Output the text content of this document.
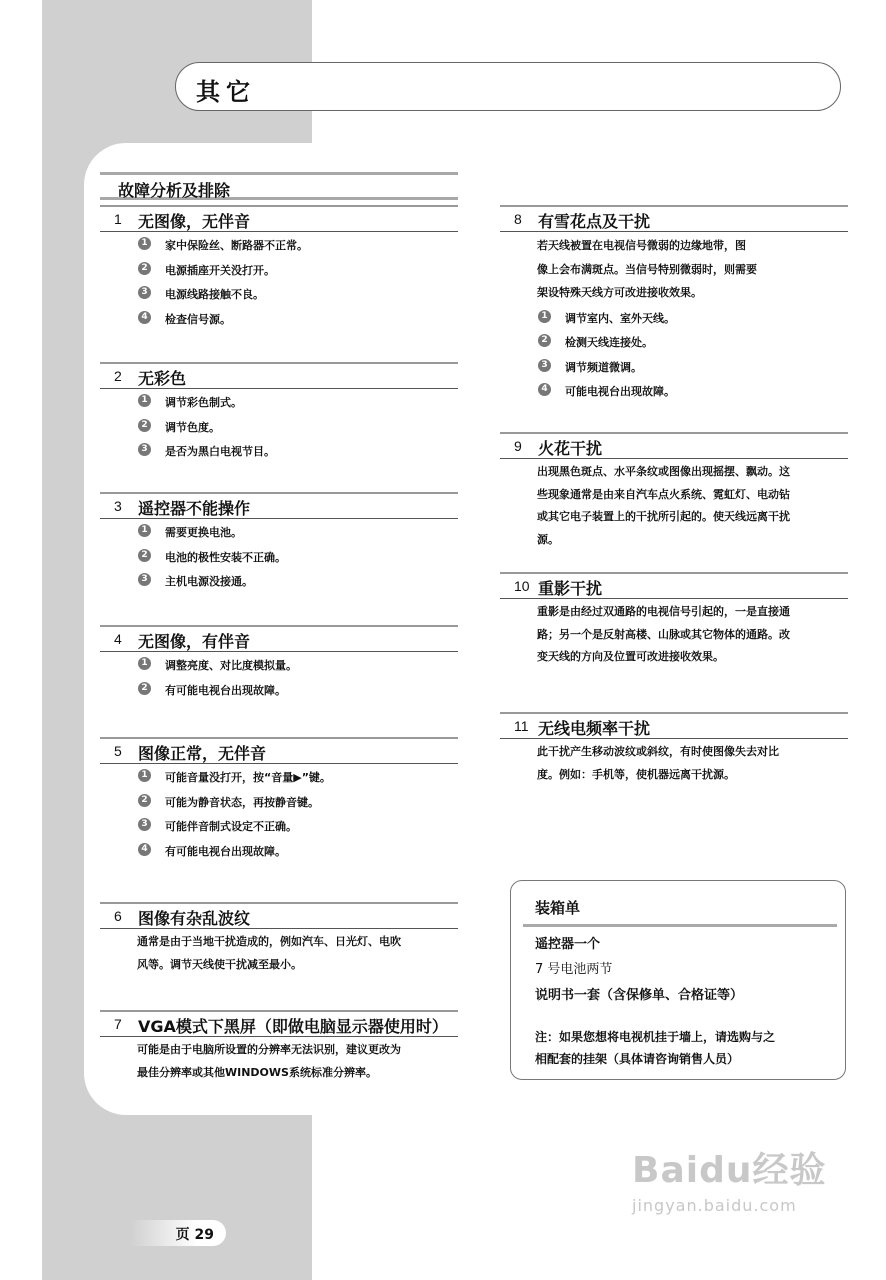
其它
故障分析及排除
1 无图像，无伴音
1	家中保险丝、断路器不正常。
2	电源插座开关没打开。
3	电源线路接触不良。
4	检查信号源。
2 无彩色
1	调节彩色制式。
2	调节色度。
3	是否为黑白电视节目。
3 遥控器不能操作
1	需要更换电池。
2	电池的极性安装不正确。
3	主机电源没接通。
4 无图像，有伴音
1	调整亮度、对比度模拟量。
2	有可能电视台出现故障。
5 图像正常，无伴音
1	可能音量没打开，按“音量▶”键。
2	可能为静音状态，再按静音键。
3	可能伴音制式设定不正确。
4	有可能电视台出现故障。
6 图像有杂乱波纹
通常是由于当地干扰造成的，例如汽车、日光灯、电吹
风等。调节天线使干扰减至最小。
7 VGA模式下黑屏（即做电脑显示器使用时）
可能是由于电脑所设置的分辨率无法识别，建议更改为
最佳分辨率或其他WINDOWS系统标准分辨率。
8 有雪花点及干扰
若天线被置在电视信号微弱的边缘地带，图
像上会布满斑点。当信号特别微弱时，则需要
架设特殊天线方可改进接收效果。
1	调节室内、室外天线。
2	检测天线连接处。
3	调节频道微调。
4	可能电视台出现故障。
9 火花干扰
出现黑色斑点、水平条纹或图像出现摇摆、飘动。这
些现象通常是由来自汽车点火系统、霓虹灯、电动钻
或其它电子装置上的干扰所引起的。使天线远离干扰
源。
10 重影干扰
重影是由经过双通路的电视信号引起的，一是直接通
路；另一个是反射高楼、山脉或其它物体的通路。改
变天线的方向及位置可改进接收效果。
11 无线电频率干扰
此干扰产生移动波纹或斜纹，有时使图像失去对比
度。例如：手机等，使机器远离干扰源。
装箱单
遥控器一个
7 号电池两节
说明书一套（含保修单、合格证等）
注：如果您想将电视机挂于墙上，请选购与之
相配套的挂架（具体请咨询销售人员）
页 29
Baidu经验
jingyan.baidu.com
